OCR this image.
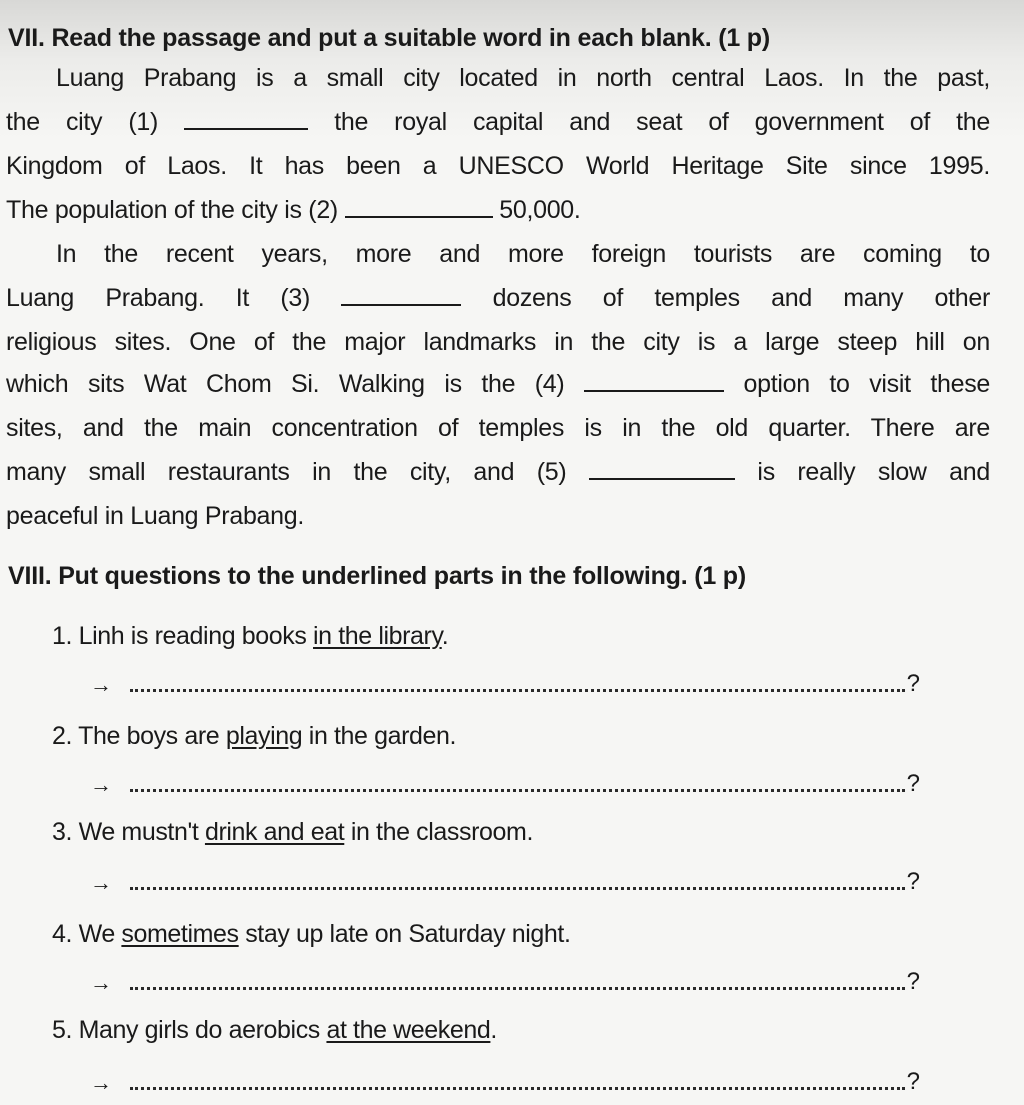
VII. Read the passage and put a suitable word in each blank. (1 p)
Luang Prabang is a small city located in north central Laos. In the past,
the city (1)	the royal capital and seat of government of the
Kingdom of Laos. It has been a UNESCO World Heritage Site since 1995.
The population of the city is (2)	50,000.
In the recent years, more and more foreign tourists are coming to
Luang Prabang. It (3)	dozens of temples and many other
religious sites. One of the major landmarks in the city is a large steep hill on
which sits Wat Chom Si. Walking is the (4)	option to visit these
sites, and the main concentration of temples is in the old quarter. There are
many small restaurants in the city, and (5)	is really slow and
peaceful in Luang Prabang.
VIII. Put questions to the underlined parts in the following. (1 p)
1. Linh is reading books in the library.
→	?
2. The boys are playing in the garden.
→	?
3. We mustn't drink and eat in the classroom.
→	?
4. We sometimes stay up late on Saturday night.
→	?
5. Many girls do aerobics at the weekend.
→	?
